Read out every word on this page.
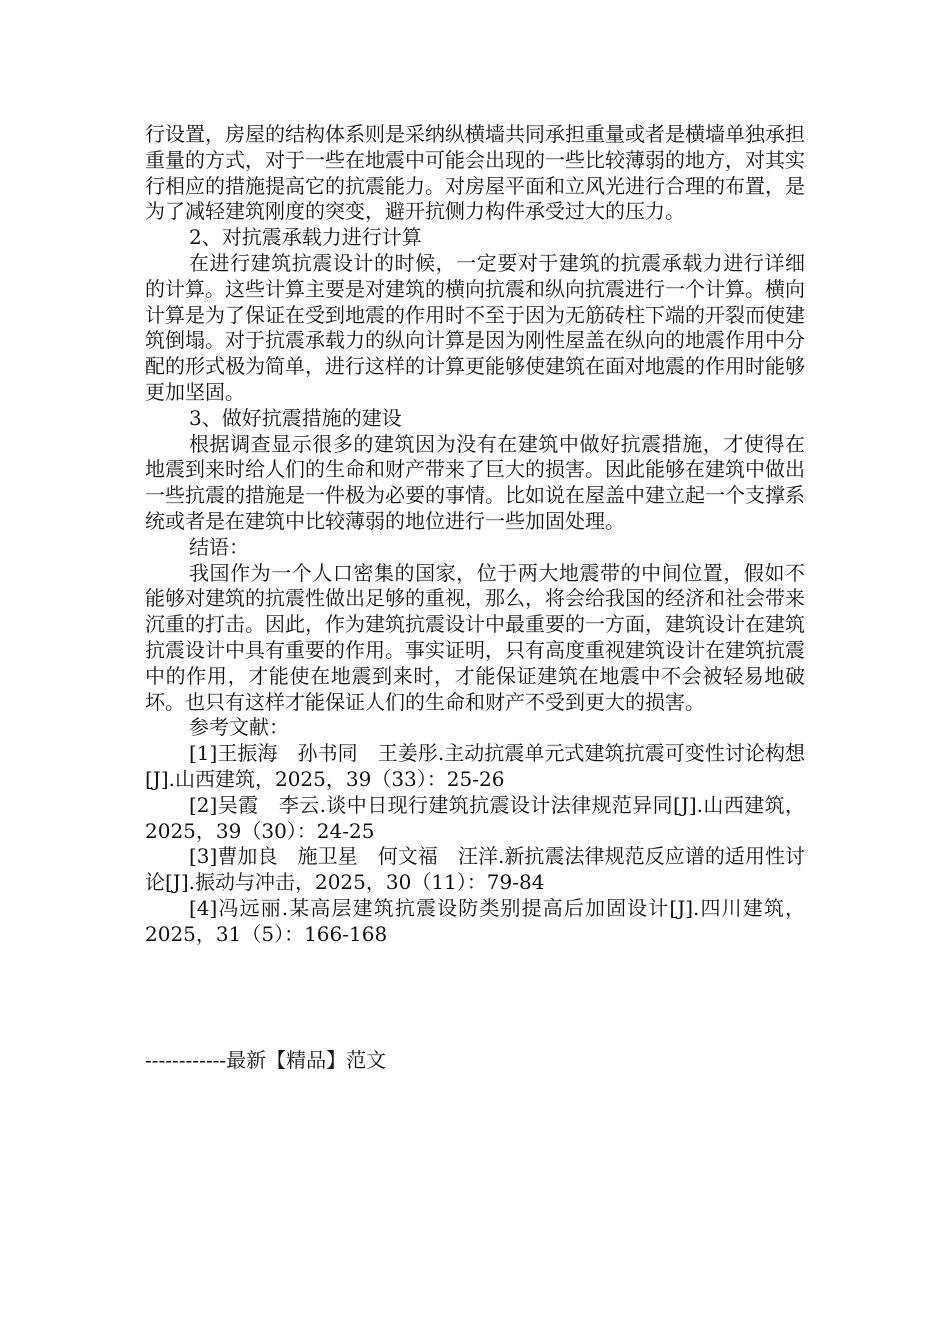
行设置，房屋的结构体系则是采纳纵横墙共同承担重量或者是横墙单独承担重量的方式，对于一些在地震中可能会出现的一些比较薄弱的地方，对其实行相应的措施提高它的抗震能力。对房屋平面和立风光进行合理的布置，是为了减轻建筑刚度的突变，避开抗侧力构件承受过大的压力。

2、对抗震承载力进行计算

在进行建筑抗震设计的时候，一定要对于建筑的抗震承载力进行详细的计算。这些计算主要是对建筑的横向抗震和纵向抗震进行一个计算。横向计算是为了保证在受到地震的作用时不至于因为无筋砖柱下端的开裂而使建筑倒塌。对于抗震承载力的纵向计算是因为刚性屋盖在纵向的地震作用中分配的形式极为简单，进行这样的计算更能够使建筑在面对地震的作用时能够更加坚固。

3、做好抗震措施的建设

根据调查显示很多的建筑因为没有在建筑中做好抗震措施，才使得在地震到来时给人们的生命和财产带来了巨大的损害。因此能够在建筑中做出一些抗震的措施是一件极为必要的事情。比如说在屋盖中建立起一个支撑系统或者是在建筑中比较薄弱的地位进行一些加固处理。

结语：

我国作为一个人口密集的国家，位于两大地震带的中间位置，假如不能够对建筑的抗震性做出足够的重视，那么，将会给我国的经济和社会带来沉重的打击。因此，作为建筑抗震设计中最重要的一方面，建筑设计在建筑抗震设计中具有重要的作用。事实证明，只有高度重视建筑设计在建筑抗震中的作用，才能使在地震到来时，才能保证建筑在地震中不会被轻易地破坏。也只有这样才能保证人们的生命和财产不受到更大的损害。

参考文献：

[1]王振海　孙书同　王姜彤.主动抗震单元式建筑抗震可变性讨论构想[J].山西建筑，2025，39（33）：25-26

[2]吴霞　李云.谈中日现行建筑抗震设计法律规范异同[J].山西建筑，2025，39（30）：24-25

[3]曹加良　施卫星　何文福　汪洋.新抗震法律规范反应谱的适用性讨论[J].振动与冲击，2025，30（11）：79-84

[4]冯远丽.某高层建筑抗震设防类别提高后加固设计[J].四川建筑，2025，31（5）：166-168

------------最新【精品】范文
